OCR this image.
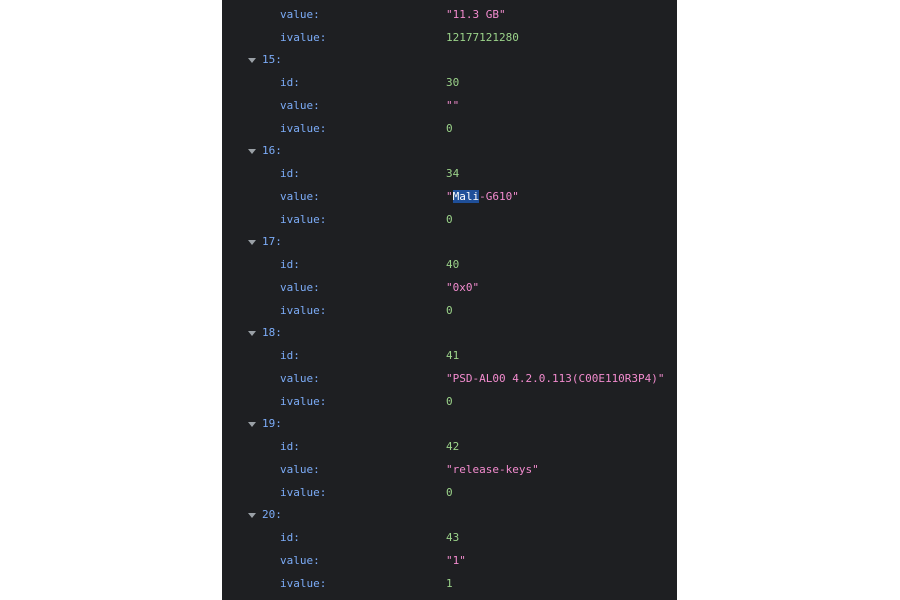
value:	"11.3 GB"
ivalue:	12177121280
15:
id:	30
value:	""
ivalue:	0
16:
id:	34
value:	"Mali-G610"
ivalue:	0
17:
id:	40
value:	"0x0"
ivalue:	0
18:
id:	41
value:	"PSD-AL00 4.2.0.113(C00E110R3P4)"
ivalue:	0
19:
id:	42
value:	"release-keys"
ivalue:	0
20:
id:	43
value:	"1"
ivalue:	1
